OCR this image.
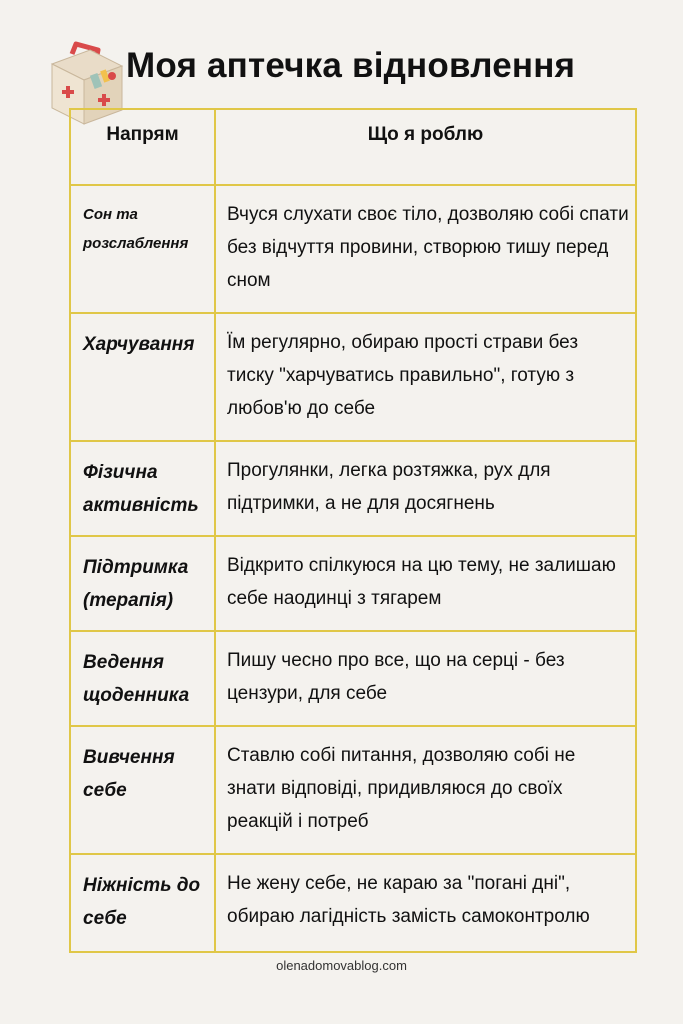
Моя аптечка відновлення
Напрям	Що я роблю
Сон та розслаблення	Вчуся слухати своє тіло, дозволяю собі спати без відчуття провини, створюю тишу перед сном
Харчування	Їм регулярно, обираю прості страви без тиску "харчуватись правильно", готую з любов'ю до себе
Фізична активність	Прогулянки, легка розтяжка, рух для підтримки, а не для досягнень
Підтримка (терапія)	Відкрито спілкуюся на цю тему, не залишаю себе наодинці з тягарем
Ведення щоденника	Пишу чесно про все, що на серці - без цензури, для себе
Вивчення себе	Ставлю собі питання, дозволяю собі не знати відповіді, придивляюся до своїх реакцій і потреб
Ніжність до себе	Не жену себе, не караю за "погані дні", обираю лагідність замість самоконтролю
olenadomovablog.com
